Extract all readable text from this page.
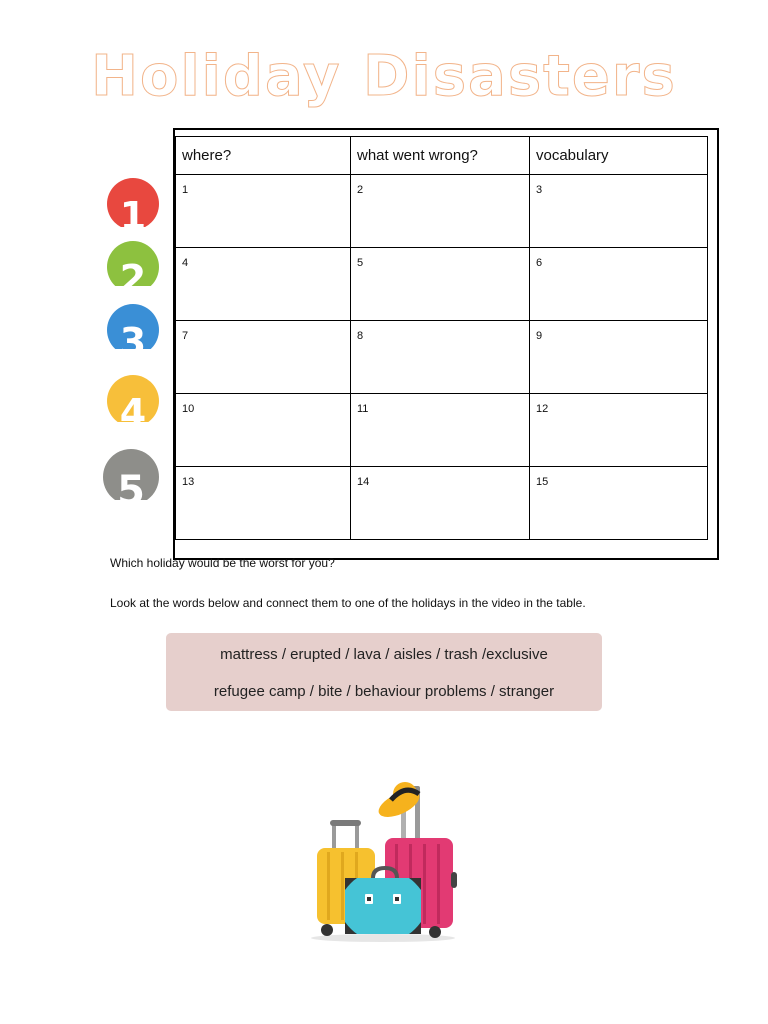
Holiday Disasters
where?	what went wrong?	vocabulary
1	2	3
4	5	6
7	8	9
10	11	12
13	14	15
1
2
3
4
5
Which holiday would be the worst for you?
Look at the words below and connect them to one of the holidays in the video in the table.
mattress / erupted / lava / aisles / trash /exclusive
refugee camp / bite / behaviour problems / stranger
